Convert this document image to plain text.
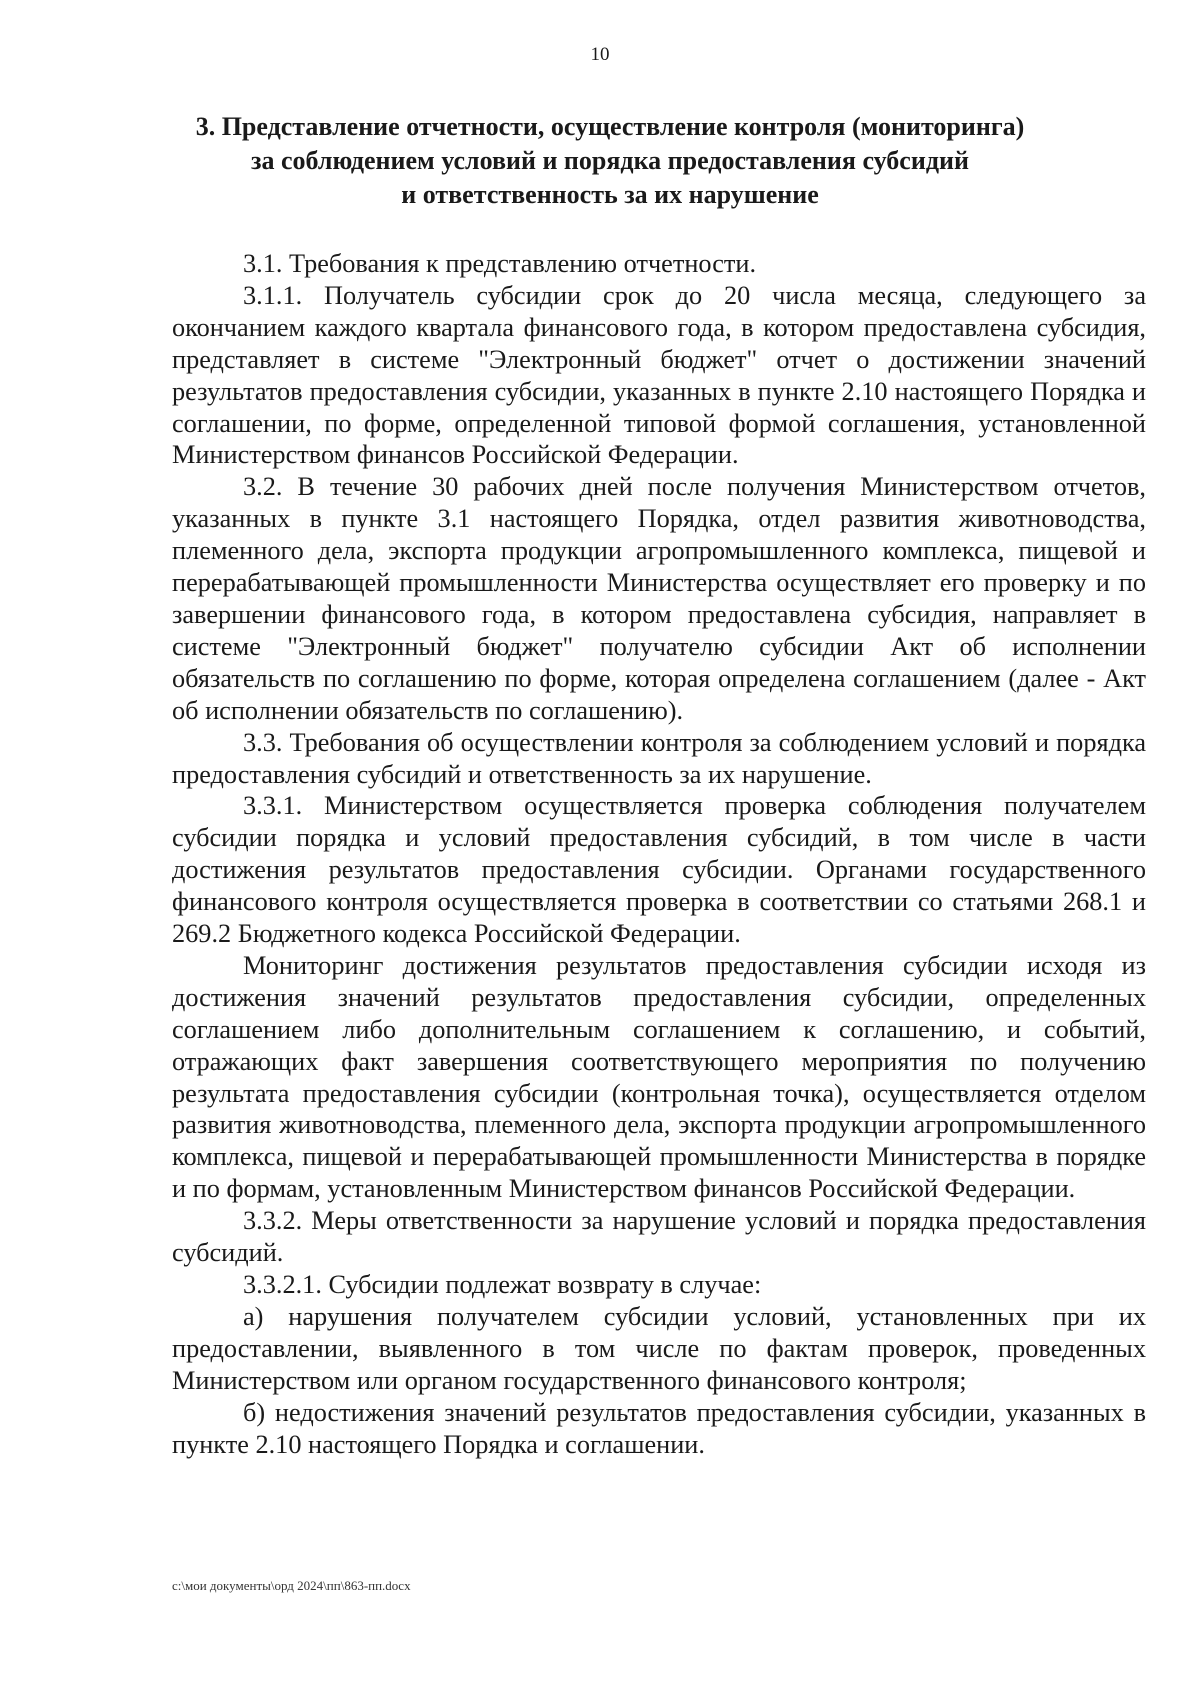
10
3. Представление отчетности, осуществление контроля (мониторинга)
за соблюдением условий и порядка предоставления субсидий
и ответственность за их нарушение

3.1. Требования к представлению отчетности.

3.1.1. Получатель субсидии срок до 20 числа месяца, следующего за окончанием каждого квартала финансового года, в котором предоставлена субсидия, представляет в системе "Электронный бюджет" отчет о достижении значений результатов предоставления субсидии, указанных в пункте 2.10 настоящего Порядка и соглашении, по форме, определенной типовой формой соглашения, установленной Министерством финансов Российской Федерации.

3.2. В течение 30 рабочих дней после получения Министерством отчетов, указанных в пункте 3.1 настоящего Порядка, отдел развития животноводства, племенного дела, экспорта продукции агропромышленного комплекса, пищевой и перерабатывающей промышленности Министерства осуществляет его проверку и по завершении финансового года, в котором предоставлена субсидия, направляет в системе "Электронный бюджет" получателю субсидии Акт об исполнении обязательств по соглашению по форме, которая определена соглашением (далее - Акт об исполнении обязательств по соглашению).

3.3. Требования об осуществлении контроля за соблюдением условий и порядка предоставления субсидий и ответственность за их нарушение.

3.3.1. Министерством осуществляется проверка соблюдения получателем субсидии порядка и условий предоставления субсидий, в том числе в части достижения результатов предоставления субсидии. Органами государственного финансового контроля осуществляется проверка в соответствии со статьями 268.1 и 269.2 Бюджетного кодекса Российской Федерации.

Мониторинг достижения результатов предоставления субсидии исходя из достижения значений результатов предоставления субсидии, определенных соглашением либо дополнительным соглашением к соглашению, и событий, отражающих факт завершения соответствующего мероприятия по получению результата предоставления субсидии (контрольная точка), осуществляется отделом развития животноводства, племенного дела, экспорта продукции агропромышленного комплекса, пищевой и перерабатывающей промышленности Министерства в порядке и по формам, установленным Министерством финансов Российской Федерации.

3.3.2. Меры ответственности за нарушение условий и порядка предоставления субсидий.

3.3.2.1. Субсидии подлежат возврату в случае:

а) нарушения получателем субсидии условий, установленных при их предоставлении, выявленного в том числе по фактам проверок, проведенных Министерством или органом государственного финансового контроля;

б) недостижения значений результатов предоставления субсидии, указанных в пункте 2.10 настоящего Порядка и соглашении.

c:\мои документы\орд 2024\пп\863-пп.docx
